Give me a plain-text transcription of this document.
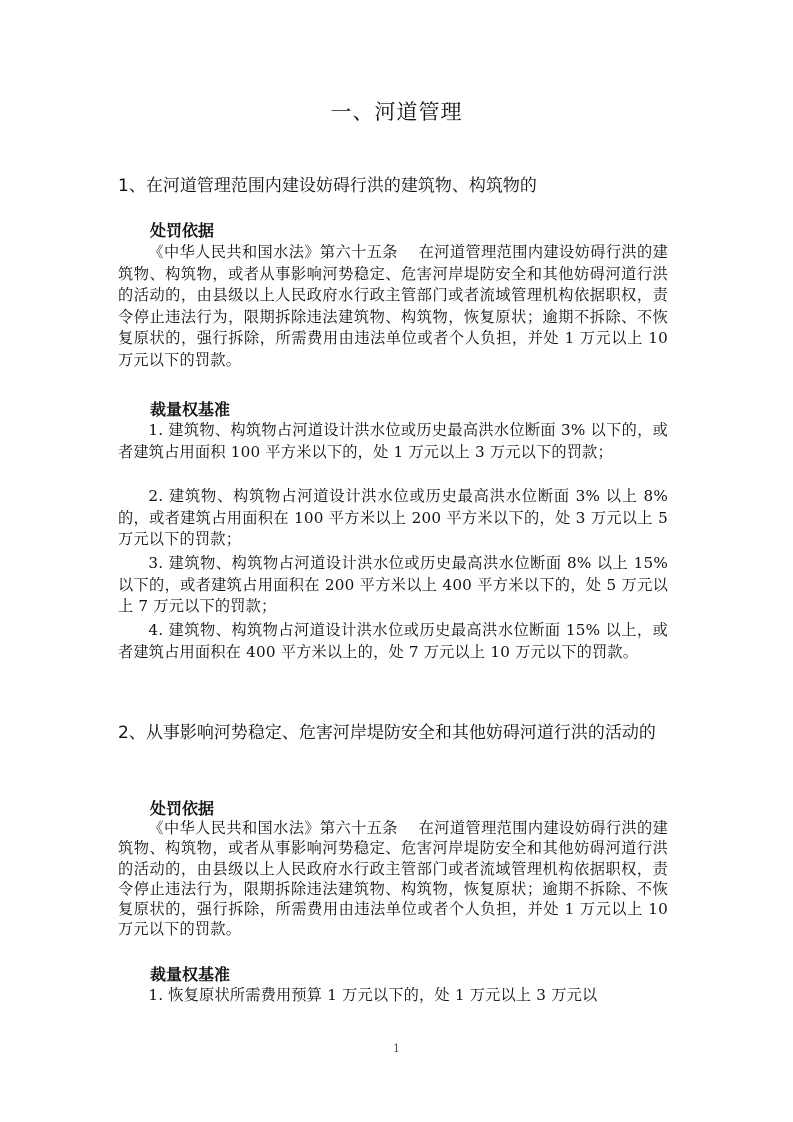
一、河道管理
1、在河道管理范围内建设妨碍行洪的建筑物、构筑物的
处罚依据
《中华人民共和国水法》第六十五条　 在河道管理范围内建设妨碍行洪的建筑物、构筑物，或者从事影响河势稳定、危害河岸堤防安全和其他妨碍河道行洪的活动的，由县级以上人民政府水行政主管部门或者流域管理机构依据职权，责令停止违法行为，限期拆除违法建筑物、构筑物，恢复原状；逾期不拆除、不恢复原状的，强行拆除，所需费用由违法单位或者个人负担，并处 1 万元以上 10 万元以下的罚款。
裁量权基准
1. 建筑物、构筑物占河道设计洪水位或历史最高洪水位断面 3% 以下的，或者建筑占用面积 100 平方米以下的，处 1 万元以上 3 万元以下的罚款；
2. 建筑物、构筑物占河道设计洪水位或历史最高洪水位断面 3% 以上 8%的，或者建筑占用面积在 100 平方米以上 200 平方米以下的，处 3 万元以上 5 万元以下的罚款；
3. 建筑物、构筑物占河道设计洪水位或历史最高洪水位断面 8% 以上 15%以下的，或者建筑占用面积在 200 平方米以上 400 平方米以下的，处 5 万元以上 7 万元以下的罚款；
4. 建筑物、构筑物占河道设计洪水位或历史最高洪水位断面 15% 以上，或者建筑占用面积在 400 平方米以上的，处 7 万元以上 10 万元以下的罚款。
2、从事影响河势稳定、危害河岸堤防安全和其他妨碍河道行洪的活动的
处罚依据
《中华人民共和国水法》第六十五条　 在河道管理范围内建设妨碍行洪的建筑物、构筑物，或者从事影响河势稳定、危害河岸堤防安全和其他妨碍河道行洪的活动的，由县级以上人民政府水行政主管部门或者流域管理机构依据职权，责令停止违法行为，限期拆除违法建筑物、构筑物，恢复原状；逾期不拆除、不恢复原状的，强行拆除，所需费用由违法单位或者个人负担，并处 1 万元以上 10 万元以下的罚款。
裁量权基准
1. 恢复原状所需费用预算 1 万元以下的，处 1 万元以上 3 万元以
1
